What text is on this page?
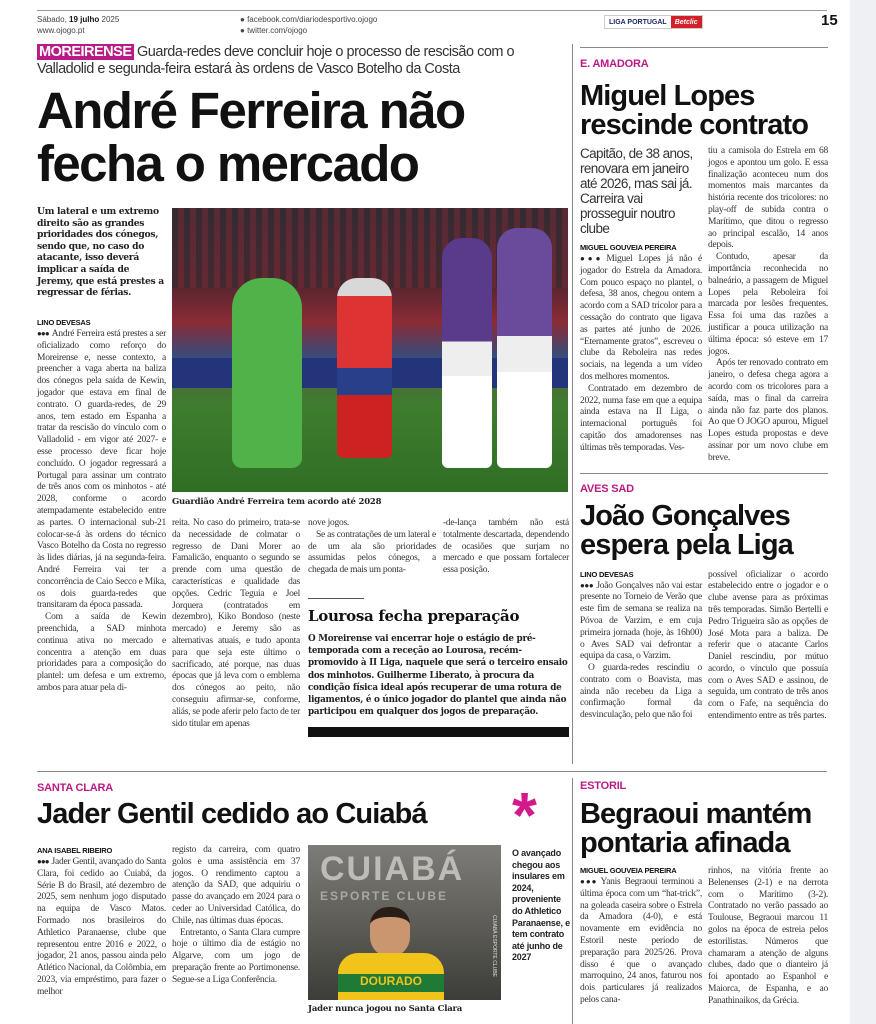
Sábado, 19 julho 2025
www.ojogo.pt
● facebook.com/diariodesportivo.ojogo
● twitter.com/ojogo
LIGA PORTUGAL	Betclic	15
MOREIRENSE Guarda-redes deve concluir hoje o processo de rescisão com o Valladolid e segunda-feira estará às ordens de Vasco Botelho da Costa
André Ferreira não
fecha o mercado
Um lateral e um extremo direito são as grandes prioridades dos cónegos, sendo que, no caso do atacante, isso deverá implicar a saída de Jeremy, que está prestes a regressar de férias.
LINO DEVESAS

●●● André Ferreira está prestes a ser oficializado como reforço do Moreirense e, nesse contexto, a preencher a vaga aberta na baliza dos cónegos pela saída de Kewin, jogador que estava em final de contrato. O guarda-redes, de 29 anos, tem estado em Espanha a tratar da rescisão do vínculo com o Valladolid - em vigor até 2027- e esse processo deve ficar hoje concluído. O jogador regressará a Portugal para assinar um contrato de três anos com os minhotos - até 2028, conforme o acordo atempadamente estabelecido entre as partes. O internacional sub-21 colocar-se-á às ordens do técnico Vasco Botelho da Costa no regresso às lides diárias, já na segunda-feira. André Ferreira vai ter a concorrência de Caio Secco e Mika, os dois guarda-redes que transitaram da época passada.

Com a saída de Kewin preenchida, a SAD minhota continua ativa no mercado e concentra a atenção em duas prioridades para a composição do plantel: um defesa e um extremo, ambos para atuar pela di-

Guardião André Ferreira tem acordo até 2028

reita. No caso do primeiro, trata-se da necessidade de colmatar o regresso de Dani Morer ao Famalicão, enquanto o segundo se prende com uma questão de características e qualidade das opções. Cedric Teguia e Joel Jorquera (contratados em dezembro), Kiko Bondoso (neste mercado) e Jeremy são as alternativas atuais, e tudo aponta para que seja este último o sacrificado, até porque, nas duas épocas que já leva com o emblema dos cónegos ao peito, não conseguiu afirmar-se, conforme, aliás, se pode aferir pelo facto de ter sido titular em apenas

nove jogos.

Se as contratações de um lateral e de um ala são prioridades assumidas pelos cónegos, a chegada de mais um ponta-

-de-lança também não está totalmente descartada, dependendo de ocasiões que surjam no mercado e que possam fortalecer essa posição.

Lourosa fecha preparação
O Moreirense vai encerrar hoje o estágio de pré-temporada com a receção ao Lourosa, recém-promovido à II Liga, naquele que será o terceiro ensaio dos minhotos. Guilherme Liberato, à procura da condição física ideal após recuperar de uma rotura de ligamentos, é o único jogador do plantel que ainda não participou em qualquer dos jogos de preparação.
E. AMADORA
Miguel Lopes
rescinde contrato
Capitão, de 38 anos, renovara em janeiro até 2026, mas sai já. Carreira vai prosseguir noutro clube
MIGUEL GOUVEIA PEREIRA

●●● Miguel Lopes já não é jogador do Estrela da Amadora. Com pouco espaço no plantel, o defesa, 38 anos, chegou ontem a acordo com a SAD tricolor para a cessação do contrato que ligava as partes até junho de 2026. “Eternamente gratos”, escreveu o clube da Reboleira nas redes sociais, na legenda a um vídeo dos melhores momentos.

Contratado em dezembro de 2022, numa fase em que a equipa ainda estava na II Liga, o internacional português foi capitão dos amadorenses nas últimas três temporadas. Ves-

tiu a camisola do Estrela em 68 jogos e apontou um golo. E essa finalização aconteceu num dos momentos mais marcantes da história recente dos tricolores: no play-off de subida contra o Marítimo, que ditou o regresso ao principal escalão, 14 anos depois.

Contudo, apesar da importância reconhecida no balneário, a passagem de Miguel Lopes pela Reboleira foi marcada por lesões frequentes. Essa foi uma das razões a justificar a pouca utilização na última época: só esteve em 17 jogos.

Após ter renovado contrato em janeiro, o defesa chega agora a acordo com os tricolores para a saída, mas o final da carreira ainda não faz parte dos planos. Ao que O JOGO apurou, Miguel Lopes estuda propostas e deve assinar por um novo clube em breve.

AVES SAD
João Gonçalves
espera pela Liga
LINO DEVESAS

●●● João Gonçalves não vai estar presente no Torneio de Verão que este fim de semana se realiza na Póvoa de Varzim, e em cuja primeira jornada (hoje, às 16h00) o Aves SAD vai defrontar a equipa da casa, o Varzim.

O guarda-redes rescindiu o contrato com o Boavista, mas ainda não recebeu da Liga a confirmação formal da desvinculação, pelo que não foi

possível oficializar o acordo estabelecido entre o jogador e o clube avense para as próximas três temporadas. Simão Bertelli e Pedro Trigueira são as opções de José Mota para a baliza. De referir que o atacante Carlos Daniel rescindiu, por mútuo acordo, o vínculo que possuía com o Aves SAD e assinou, de seguida, um contrato de três anos com o Fafe, na sequência do entendimento entre as três partes.

SANTA CLARA
Jader Gentil cedido ao Cuiabá
ANA ISABEL RIBEIRO

●●● Jader Gentil, avançado do Santa Clara, foi cedido ao Cuiabá, da Série B do Brasil, até dezembro de 2025, sem nenhum jogo disputado na equipa de Vasco Matos. Formado nos brasileiros do Athletico Paranaense, clube que representou entre 2016 e 2022, o jogador, 21 anos, passou ainda pelo Atlético Nacional, da Colômbia, em 2023, via empréstimo, para fazer o melhor

registo da carreira, com quatro golos e uma assistência em 37 jogos. O rendimento captou a atenção da SAD, que adquiriu o passe do avançado em 2024 para o ceder ao Universidad Católica, do Chile, nas últimas duas épocas.

Entretanto, o Santa Clara cumpre hoje o último dia de estágio no Algarve, com um jogo de preparação frente ao Portimonense. Segue-se a Liga Conferência.

CUIABÁ
ESPORTE CLUBE
DOURADO
CUIABÁ ESPORTE CLUBE
Jader nunca jogou no Santa Clara
*
O avançado chegou aos insulares em 2024, proveniente do Athletico Paranaense, e tem contrato até junho de 2027
ESTORIL
Begraoui mantém
pontaria afinada
MIGUEL GOUVEIA PEREIRA

●●● Yanis Begraoui terminou a última época com um “hat-trick”, na goleada caseira sobre o Estrela da Amadora (4-0), e está novamente em evidência no Estoril neste período de preparação para 2025/26. Prova disso é que o avançado marroquino, 24 anos, faturou nos dois particulares já realizados pelos cana-

rinhos, na vitória frente ao Belenenses (2-1) e na derrota com o Marítimo (3-2). Contratado no verão passado ao Toulouse, Begraoui marcou 11 golos na época de estreia pelos estorilistas. Números que chamaram a atenção de alguns clubes, dado que o dianteiro já foi apontado ao Espanhol e Maiorca, de Espanha, e ao Panathinaikos, da Grécia.
